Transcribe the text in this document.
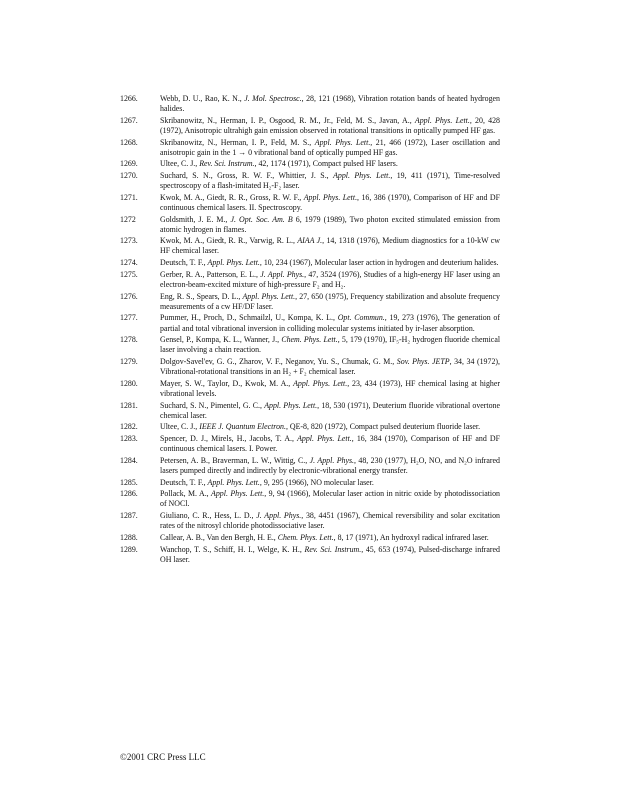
1266.	Webb, D. U., Rao, K. N., J. Mol. Spectrosc., 28, 121 (1968), Vibration rotation bands of heated hydrogen halides.
1267.	Skribanowitz, N., Herman, I. P., Osgood, R. M., Jr., Feld, M. S., Javan, A., Appl. Phys. Lett., 20, 428 (1972), Anisotropic ultrahigh gain emission observed in rotational transitions in optically pumped HF gas.
1268.	Skribanowitz, N., Herman, I. P., Feld, M. S., Appl. Phys. Lett., 21, 466 (1972), Laser oscillation and anisotropic gain in the 1 → 0 vibrational band of optically pumped HF gas.
1269.	Ultee, C. J., Rev. Sci. Instrum., 42, 1174 (1971), Compact pulsed HF lasers.
1270.	Suchard, S. N., Gross, R. W. F., Whittier, J. S., Appl. Phys. Lett., 19, 411 (1971), Time-resolved spectroscopy of a flash-imitated H₂-F₂ laser.
1271.	Kwok, M. A., Giedt, R. R., Gross, R. W. F., Appl. Phys. Lett., 16, 386 (1970), Comparison of HF and DF continuous chemical lasers. II. Spectroscopy.
1272	Goldsmith, J. E. M., J. Opt. Soc. Am. B 6, 1979 (1989), Two photon excited stimulated emission from atomic hydrogen in flames.
1273.	Kwok, M. A., Giedt, R. R., Varwig, R. L., AIAA J., 14, 1318 (1976), Medium diagnostics for a 10-kW cw HF chemical laser.
1274.	Deutsch, T. F., Appl. Phys. Lett., 10, 234 (1967), Molecular laser action in hydrogen and deuterium halides.
1275.	Gerber, R. A., Patterson, E. L., J. Appl. Phys., 47, 3524 (1976), Studies of a high-energy HF laser using an electron-beam-excited mixture of high-pressure F₂ and H₂.
1276.	Eng, R. S., Spears, D. L., Appl. Phys. Lett., 27, 650 (1975), Frequency stabilization and absolute frequency measurements of a cw HF/DF laser.
1277.	Pummer, H., Proch, D., Schmailzl, U., Kompa, K. L., Opt. Commun., 19, 273 (1976), The generation of partial and total vibrational inversion in colliding molecular systems initiated by ir-laser absorption.
1278.	Gensel, P., Kompa, K. L., Wanner, J., Chem. Phys. Lett., 5, 179 (1970), IF₅-H₂ hydrogen fluoride chemical laser involving a chain reaction.
1279.	Dolgov-Savel'ev, G. G., Zharov, V. F., Neganov, Yu. S., Chumak, G. M., Sov. Phys. JETP, 34, 34 (1972), Vibrational-rotational transitions in an H₂ + F₂ chemical laser.
1280.	Mayer, S. W., Taylor, D., Kwok, M. A., Appl. Phys. Lett., 23, 434 (1973), HF chemical lasing at higher vibrational levels.
1281.	Suchard, S. N., Pimentel, G. C., Appl. Phys. Lett., 18, 530 (1971), Deuterium fluoride vibrational overtone chemical laser.
1282.	Ultee, C. J., IEEE J. Quantum Electron., QE-8, 820 (1972), Compact pulsed deuterium fluoride laser.
1283.	Spencer, D. J., Mirels, H., Jacobs, T. A., Appl. Phys. Lett., 16, 384 (1970), Comparison of HF and DF continuous chemical lasers. I. Power.
1284.	Petersen, A. B., Braverman, L. W., Wittig, C., J. Appl. Phys., 48, 230 (1977), H₂O, NO, and N₂O infrared lasers pumped directly and indirectly by electronic-vibrational energy transfer.
1285.	Deutsch, T. F., Appl. Phys. Lett., 9, 295 (1966), NO molecular laser.
1286.	Pollack, M. A., Appl. Phys. Lett., 9, 94 (1966), Molecular laser action in nitric oxide by photodissociation of NOCl.
1287.	Giuliano, C. R., Hess, L. D., J. Appl. Phys., 38, 4451 (1967), Chemical reversibility and solar excitation rates of the nitrosyl chloride photodissociative laser.
1288.	Callear, A. B., Van den Bergh, H. E., Chem. Phys. Lett., 8, 17 (1971), An hydroxyl radical infrared laser.
1289.	Wanchop, T. S., Schiff, H. I., Welge, K. H., Rev. Sci. Instrum., 45, 653 (1974), Pulsed-discharge infrared OH laser.
©2001 CRC Press LLC
